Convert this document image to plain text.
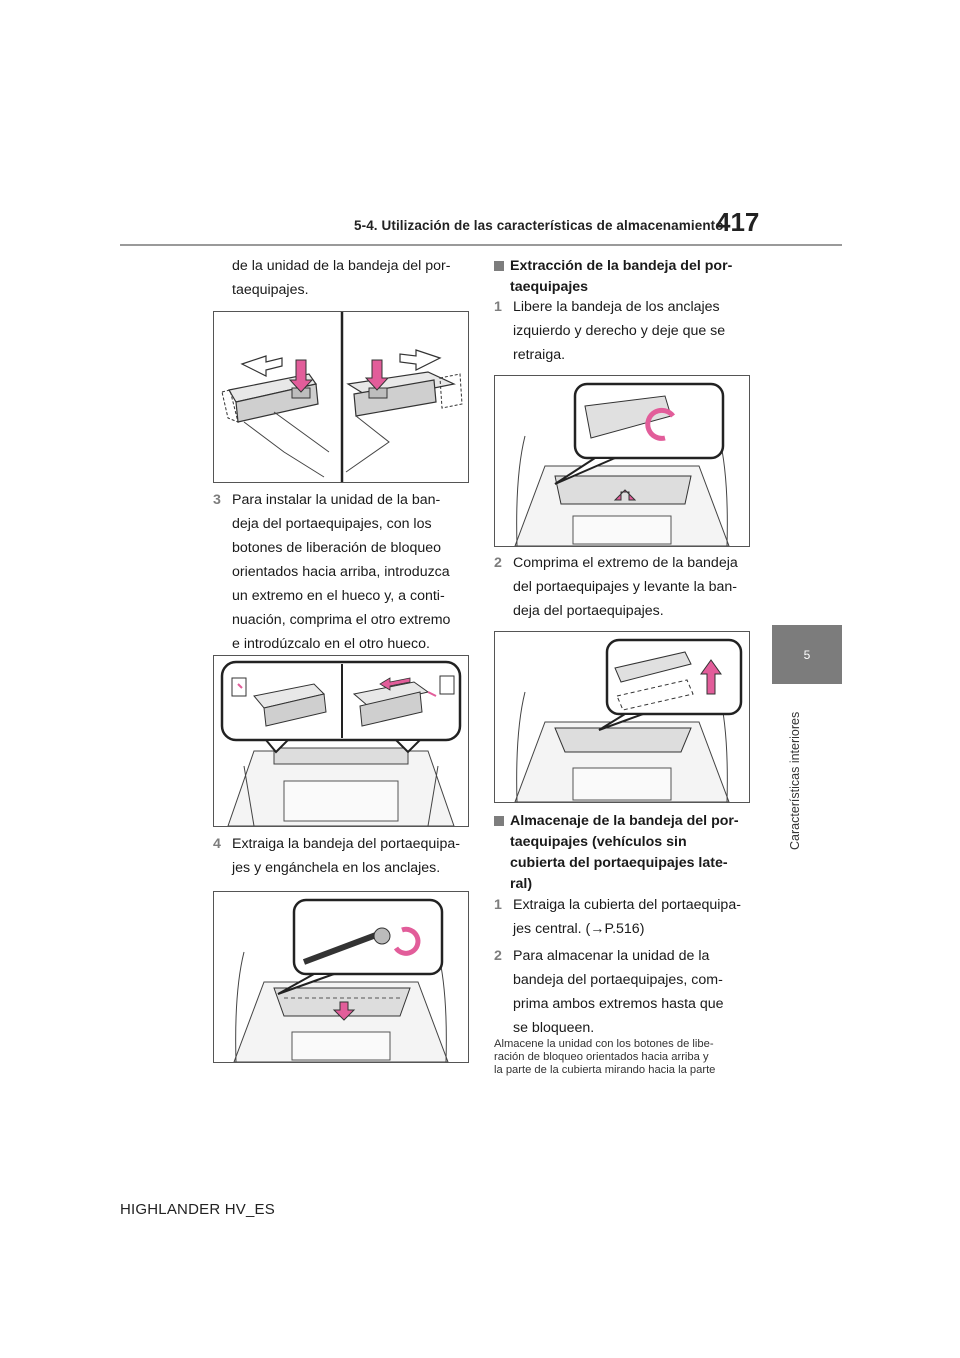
5-4. Utilización de las características de almacenamiento
417
5
Características interiores
de la unidad de la bandeja del por-
taequipajes.
3 Para instalar la unidad de la ban-
deja del portaequipajes, con los
botones de liberación de bloqueo
orientados hacia arriba, introduzca
un extremo en el hueco y, a conti-
nuación, comprima el otro extremo
e introdúzcalo en el otro hueco.
4 Extraiga la bandeja del portaequipa-
jes y engánchela en los anclajes.
Extracción de la bandeja del por-
taequipajes
1 Libere la bandeja de los anclajes
izquierdo y derecho y deje que se
retraiga.
2 Comprima el extremo de la bandeja
del portaequipajes y levante la ban-
deja del portaequipajes.
Almacenaje de la bandeja del por-
taequipajes (vehículos sin
cubierta del portaequipajes late-
ral)
1 Extraiga la cubierta del portaequipa-
jes central. (→P.516)
2 Para almacenar la unidad de la
bandeja del portaequipajes, com-
prima ambos extremos hasta que
se bloqueen.
Almacene la unidad con los botones de libe-
ración de bloqueo orientados hacia arriba y
la parte de la cubierta mirando hacia la parte
HIGHLANDER HV_ES
